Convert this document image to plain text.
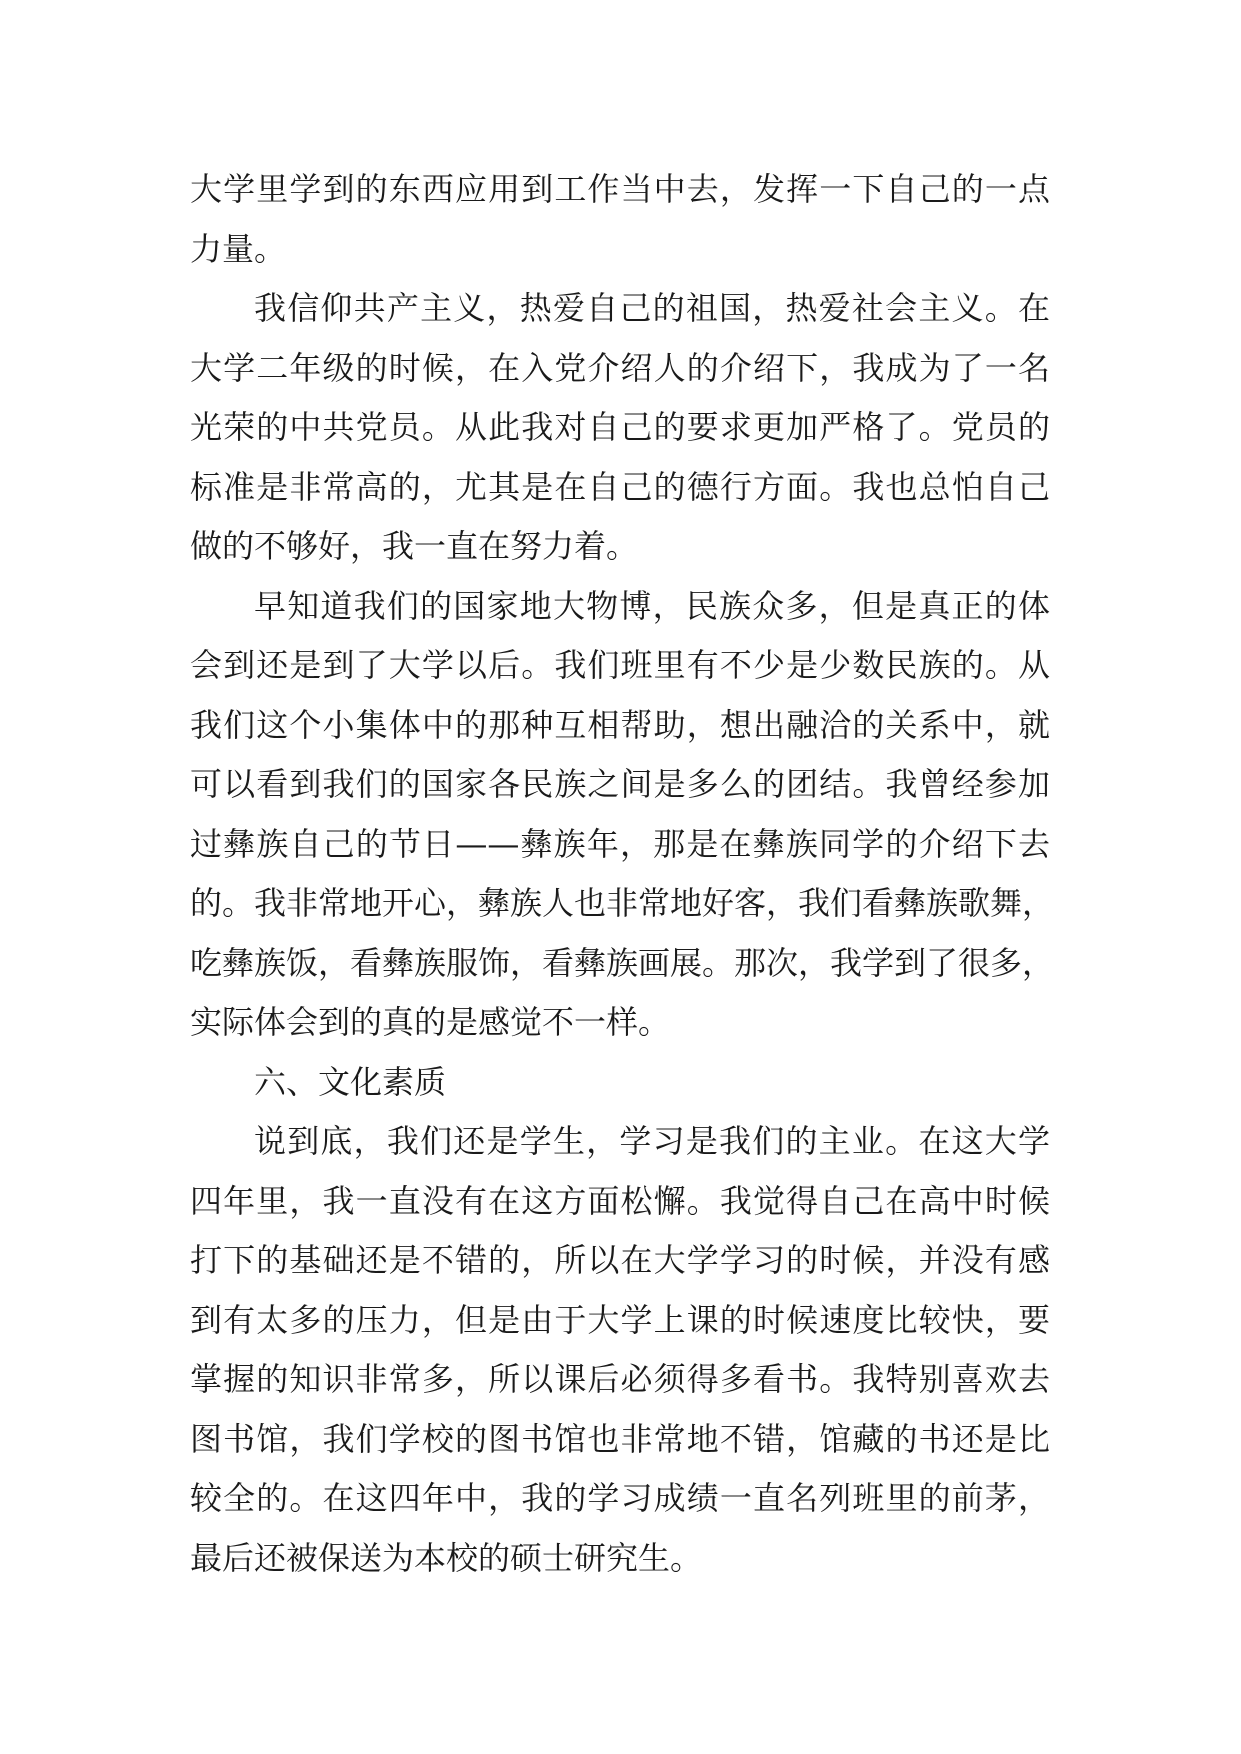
大学里学到的东西应用到工作当中去，发挥一下自己的一点
力量。

我信仰共产主义，热爱自己的祖国，热爱社会主义。在
大学二年级的时候，在入党介绍人的介绍下，我成为了一名
光荣的中共党员。从此我对自己的要求更加严格了。党员的
标准是非常高的，尤其是在自己的德行方面。我也总怕自己
做的不够好，我一直在努力着。

早知道我们的国家地大物博，民族众多，但是真正的体
会到还是到了大学以后。我们班里有不少是少数民族的。从
我们这个小集体中的那种互相帮助，想出融洽的关系中，就
可以看到我们的国家各民族之间是多么的团结。我曾经参加
过彝族自己的节日——彝族年，那是在彝族同学的介绍下去
的。我非常地开心，彝族人也非常地好客，我们看彝族歌舞，
吃彝族饭，看彝族服饰，看彝族画展。那次，我学到了很多，
实际体会到的真的是感觉不一样。

六、文化素质

说到底，我们还是学生，学习是我们的主业。在这大学
四年里，我一直没有在这方面松懈。我觉得自己在高中时候
打下的基础还是不错的，所以在大学学习的时候，并没有感
到有太多的压力，但是由于大学上课的时候速度比较快，要
掌握的知识非常多，所以课后必须得多看书。我特别喜欢去
图书馆，我们学校的图书馆也非常地不错，馆藏的书还是比
较全的。在这四年中，我的学习成绩一直名列班里的前茅，
最后还被保送为本校的硕士研究生。
